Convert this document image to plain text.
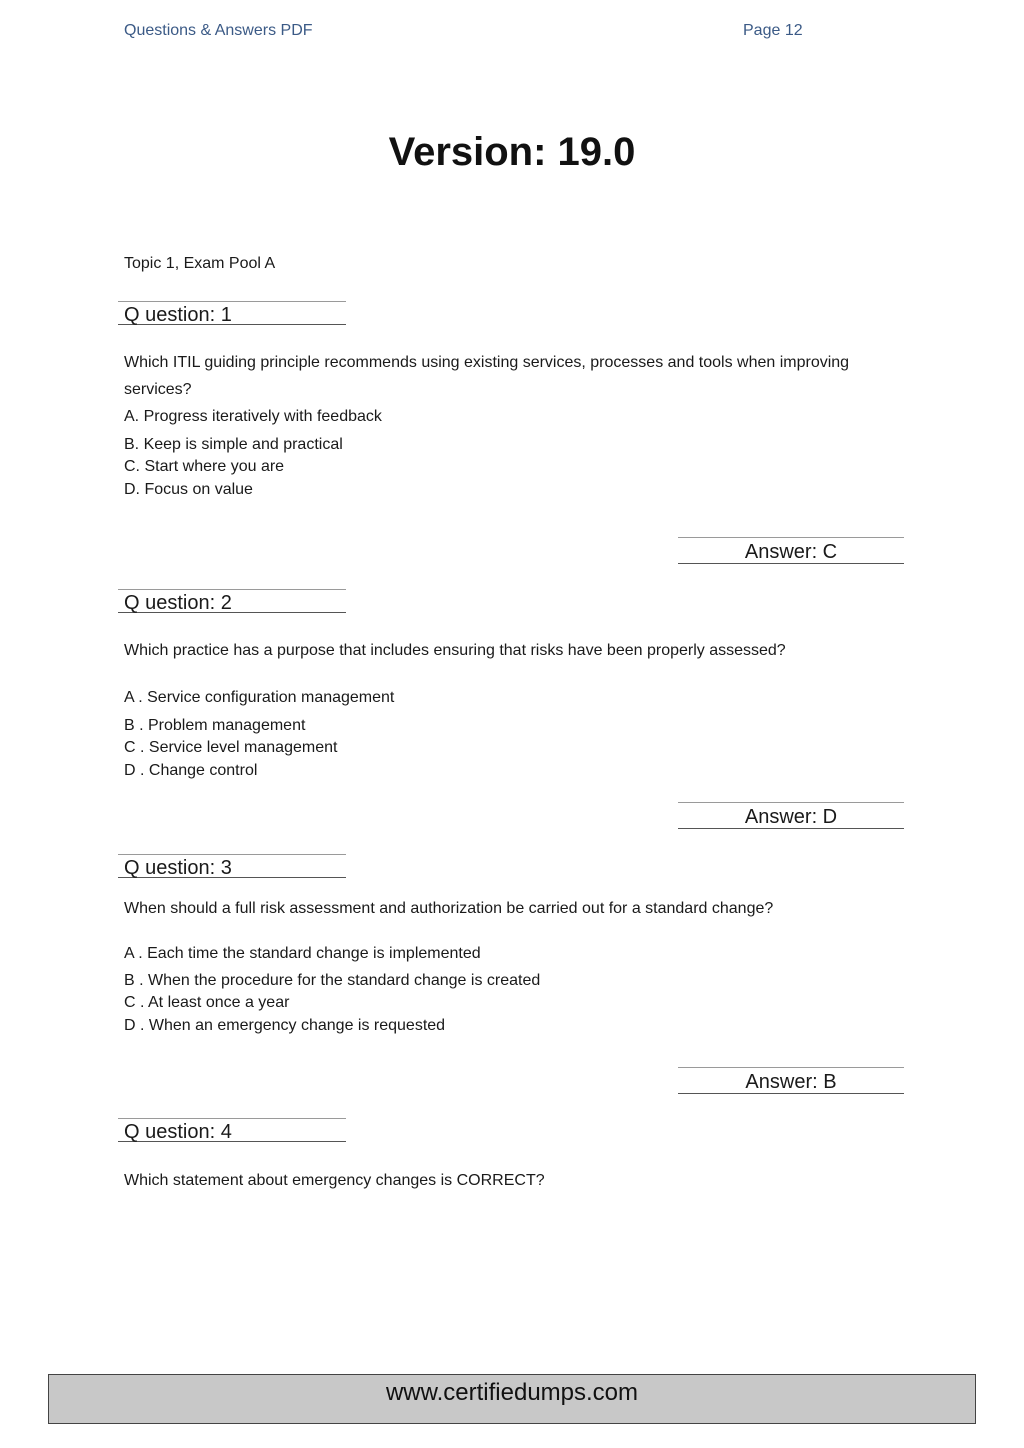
Questions & Answers PDF	Page 12
Version: 19.0
Topic 1, Exam Pool A
Q uestion: 1
Which ITIL guiding principle recommends using existing services, processes and tools when improving services?
A. Progress iteratively with feedback
B. Keep is simple and practical
C. Start where you are
D. Focus on value
Answer: C
Q uestion: 2
Which practice has a purpose that includes ensuring that risks have been properly assessed?
A . Service configuration management
B . Problem management
C . Service level management
D . Change control
Answer: D
Q uestion: 3
When should a full risk assessment and authorization be carried out for a standard change?
A . Each time the standard change is implemented
B . When the procedure for the standard change is created
C . At least once a year
D . When an emergency change is requested
Answer: B
Q uestion: 4
Which statement about emergency changes is CORRECT?
www.certifiedumps.com
